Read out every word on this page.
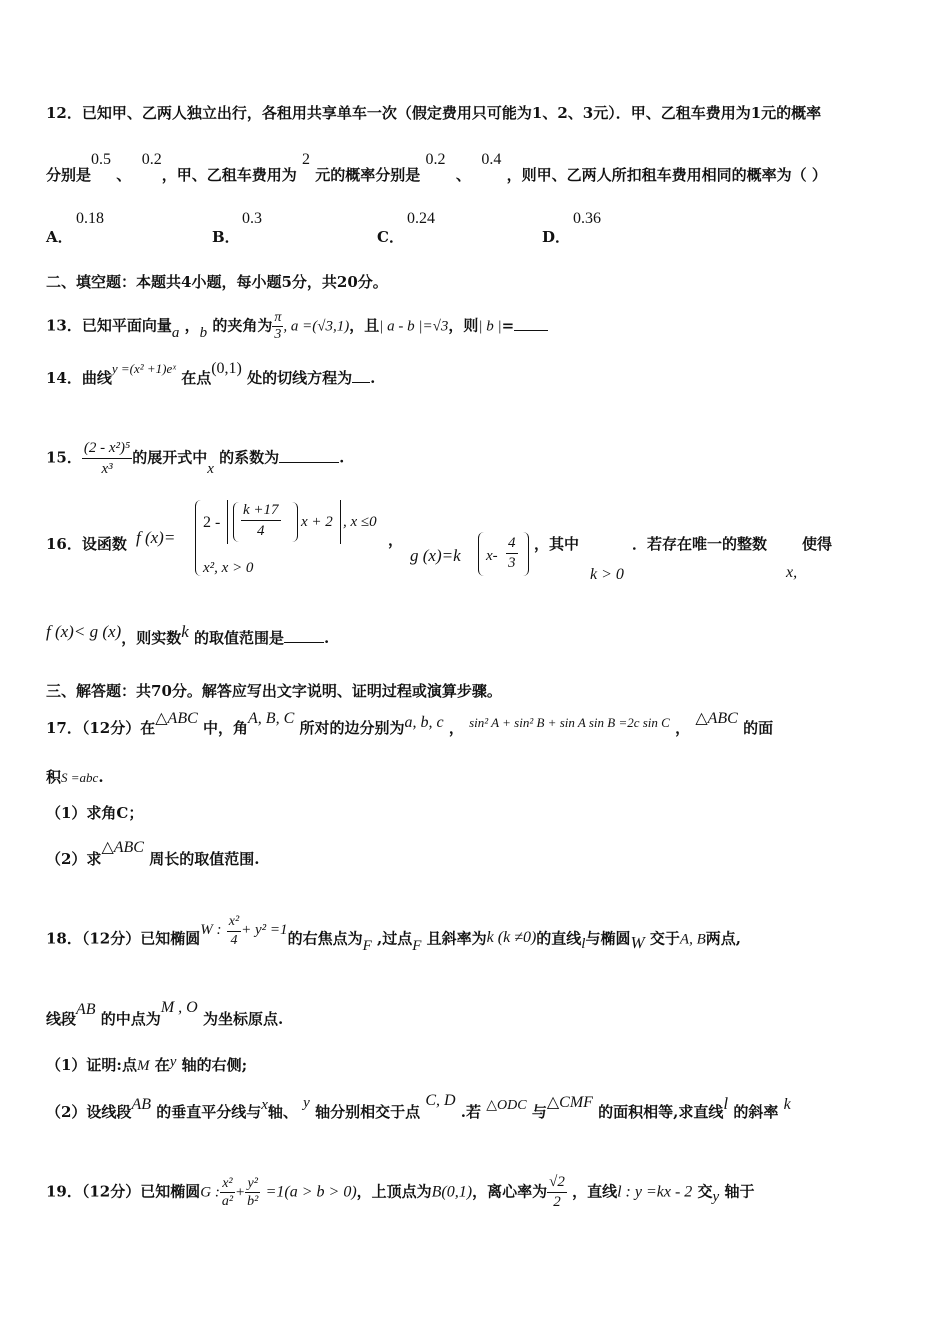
12．已知甲、乙两人独立出行，各租用共享单车一次（假定费用只可能为1、2、3元）．甲、乙租车费用为1元的概率
分别是0.5 、  0.2，甲、乙租车费用为 2 元的概率分别是 0.2  、  0.4 ，则甲、乙两人所扣租车费用相同的概率为（ ）
A．
0.18
B．
0.3
C．
0.24
D．
0.36
二、填空题：本题共4小题，每小题5分，共20分。
13．已知平面向量a ，b 的夹角为 $\frac{\pi}{3}$ , a =(√3,1)，且| a - b |=√3，则| b |=
14．曲线y =(x² +1)eˣ 在点(0,1) 处的切线方程为 .
15． $\frac{\text{(2 - x²)⁵}}{\text{x³}}$ 的展开式中x 的系数为	.
16．设函数 f (x)=
$2 - \frac{k +17}{4}$ x + 2 , x ≤0
x², x > 0
，
g (x)=k $x- \frac{4}{3}$ ，其中
k > 0
．若存在唯一的整数 使得
x,
f (x)< g (x)，则实数k 的取值范围是	.
三、解答题：共70分。解答应写出文字说明、证明过程或演算步骤。
17．（12分）在△ABC 中，角A, B, C 所对的边分别为a, b, c ， sin² A + sin² B + sin A sin B =2c sin C ， △ABC 的面
积S =abc.
（1）求角C；
（2）求△ABC 周长的取值范围.
18．（12分）已知椭圆W : $\frac{\text{x²}}{4} + y^2 =1$的右焦点为F ,过点F 且斜率为k (k ≠0)的直线l与椭圆W 交于A, B两点,
线段AB 的中点为M , O 为坐标原点.
（1）证明:点M 在y 轴的右侧;
（2）设线段AB 的垂直平分线与x轴、 y 轴分别相交于点 C, D .若 △ODC 与△CMF 的面积相等,求直线l 的斜率 k
19．（12分）已知椭圆G : $\frac{\text{x²}}{\text{a²}} + \frac{\text{y²}}{\text{b²}} =1(a > b > 0)$，上顶点为B(0,1)，离心率为 $\frac{√2}{2}$ ，直线l : y =kx - 2 交y 轴于
